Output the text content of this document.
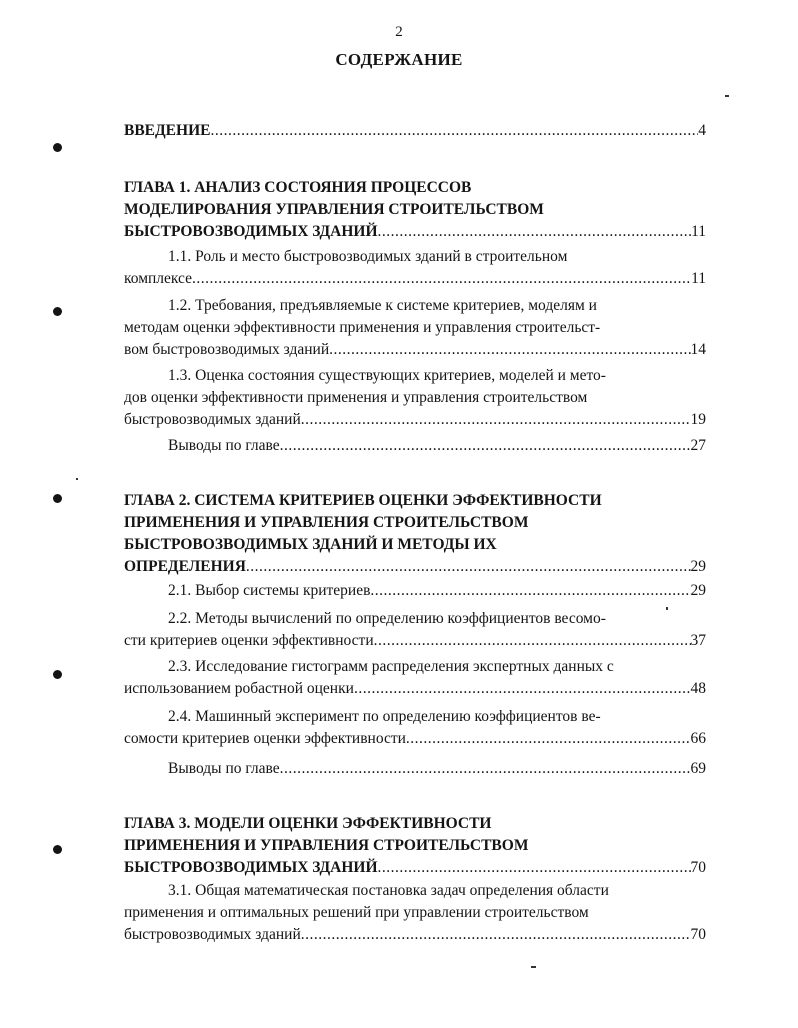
2
СОДЕРЖАНИЕ
ВВЕДЕНИЕ .....	4
ГЛАВА 1. АНАЛИЗ СОСТОЯНИЯ ПРОЦЕССОВ
МОДЕЛИРОВАНИЯ УПРАВЛЕНИЯ СТРОИТЕЛЬСТВОМ
БЫСТРОВОЗВОДИМЫХ ЗДАНИЙ .....	11
1.1. Роль и место быстровозводимых зданий в строительном
комплексе .....	11
1.2. Требования, предъявляемые к системе критериев, моделям и
методам оценки эффективности применения и управления строительст-
вом быстровозводимых зданий .....	14
1.3. Оценка состояния существующих критериев, моделей и мето-
дов оценки эффективности применения и управления строительством
быстровозводимых зданий .....	19
Выводы по главе .....	27
ГЛАВА 2. СИСТЕМА КРИТЕРИЕВ ОЦЕНКИ ЭФФЕКТИВНОСТИ
ПРИМЕНЕНИЯ И УПРАВЛЕНИЯ СТРОИТЕЛЬСТВОМ
БЫСТРОВОЗВОДИМЫХ ЗДАНИЙ И МЕТОДЫ ИХ
ОПРЕДЕЛЕНИЯ .....	29
2.1. Выбор системы критериев .....	29
2.2. Методы вычислений по определению коэффициентов весомо-
сти критериев оценки эффективности .....	37
2.3. Исследование гистограмм распределения экспертных данных с
использованием робастной оценки .....	48
2.4. Машинный эксперимент по определению коэффициентов ве-
сомости критериев оценки эффективности .....	66
Выводы по главе .....	69
ГЛАВА 3. МОДЕЛИ ОЦЕНКИ ЭФФЕКТИВНОСТИ
ПРИМЕНЕНИЯ И УПРАВЛЕНИЯ СТРОИТЕЛЬСТВОМ
БЫСТРОВОЗВОДИМЫХ ЗДАНИЙ .....	70
3.1. Общая математическая постановка задач определения области
применения и оптимальных решений при управлении строительством
быстровозводимых зданий .....	70
